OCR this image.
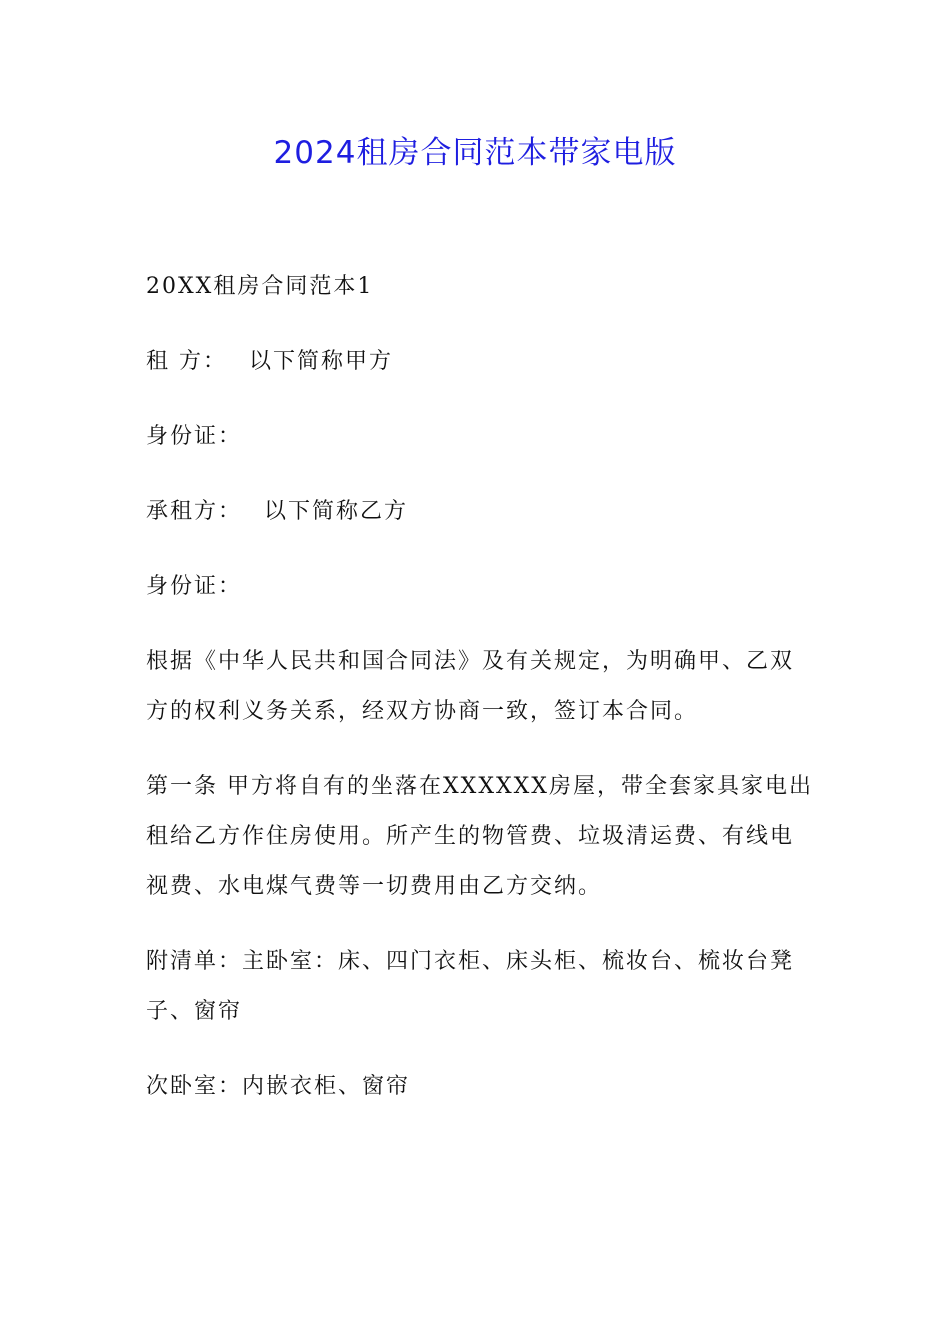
2024租房合同范本带家电版

20XX租房合同范本1

租 方： 以下简称甲方

身份证：

承租方： 以下简称乙方

身份证：

根据《中华人民共和国合同法》及有关规定，为明确甲、乙双
方的权利义务关系，经双方协商一致，签订本合同。

第一条 甲方将自有的坐落在XXXXXX房屋，带全套家具家电出
租给乙方作住房使用。所产生的物管费、垃圾清运费、有线电
视费、水电煤气费等一切费用由乙方交纳。

附清单：主卧室：床、四门衣柜、床头柜、梳妆台、梳妆台凳
子、窗帘

次卧室：内嵌衣柜、窗帘
